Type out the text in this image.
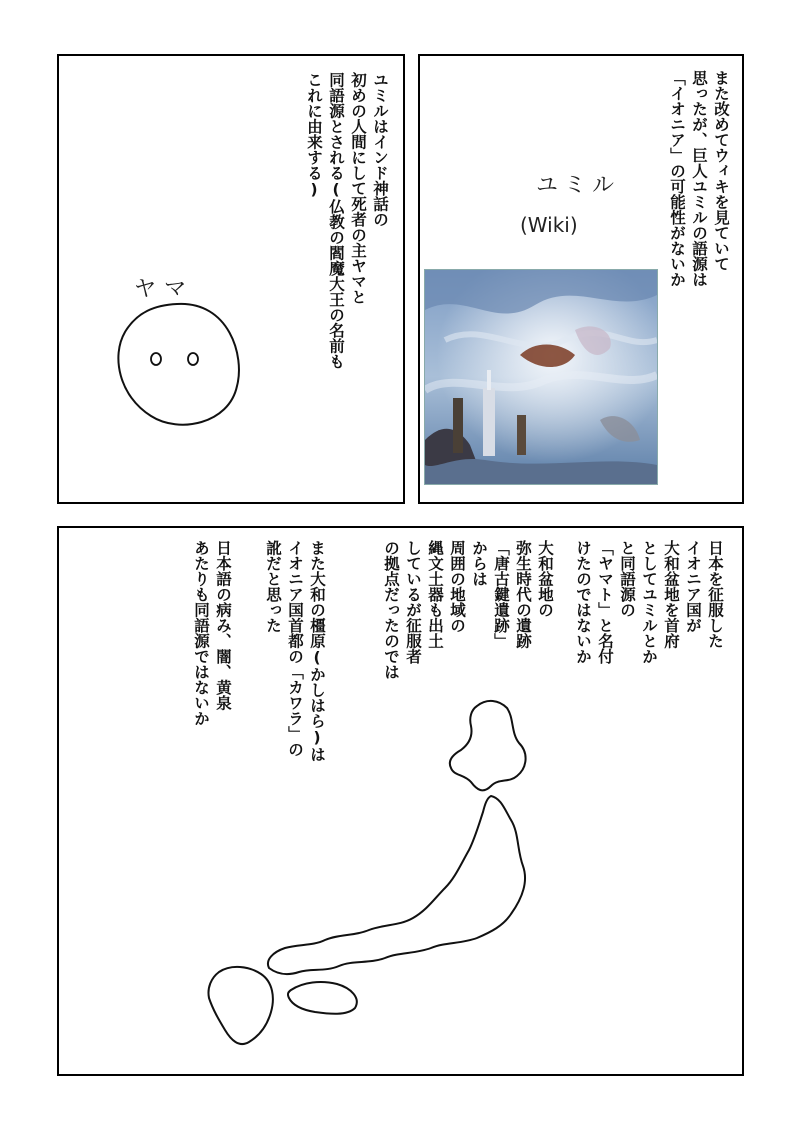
ユミルはインド神話の
初めの人間にして死者の主ヤマと
同語源とされる(仏教の閻魔大王の名前も
これに由来する)
ヤマ
また改めてウィキを見ていて
思ったが、巨人ユミルの語源は
「イオニア」の可能性がないか
ユミル
(Wiki)
日本を征服した
イオニア国が
大和盆地を首府
としてユミルとか
と同語源の
「ヤマト」と名付
けたのではないか
大和盆地の
弥生時代の遺跡
「唐古鍵遺跡」
からは
周囲の地域の
縄文土器も出土
しているが征服者
の拠点だったのでは
また大和の橿原(かしはら)は
イオニア国首都の「カワラ」の
訛だと思った
日本語の病み、闇、黄泉
あたりも同語源ではないか
